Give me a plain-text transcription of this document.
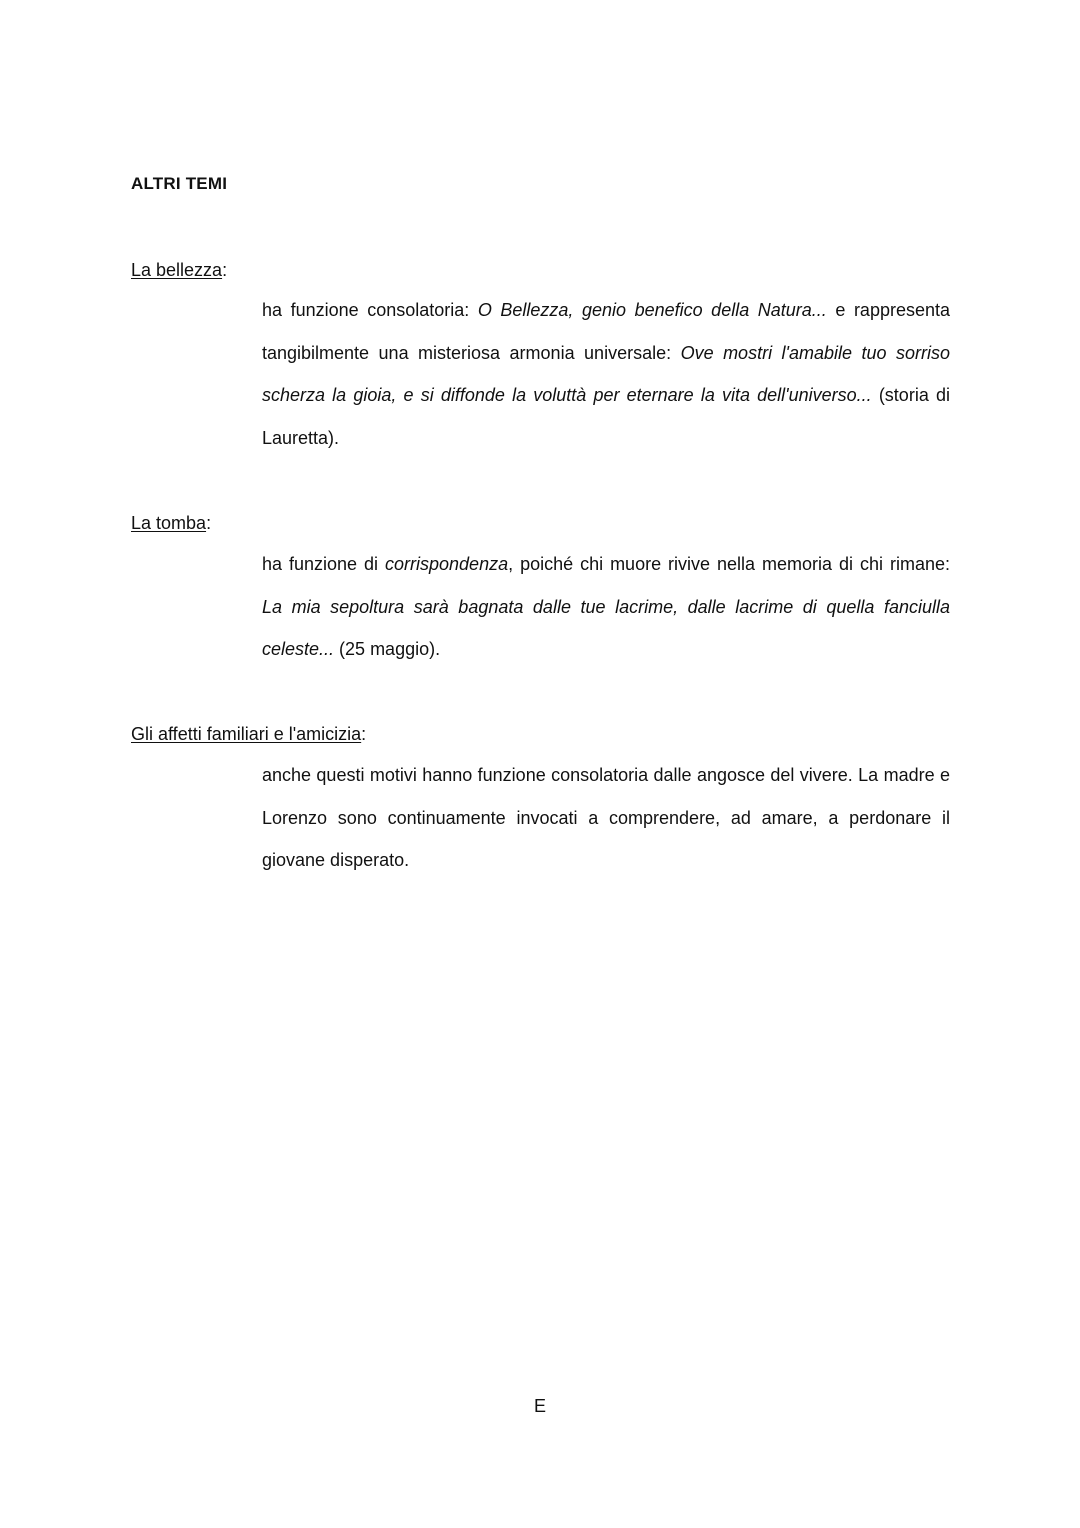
ALTRI TEMI
La bellezza:
ha funzione consolatoria: O Bellezza, genio benefico della Natura... e rappresenta tangibilmente una misteriosa armonia universale: Ove mostri l'amabile tuo sorriso scherza la gioia, e si diffonde la voluttà per eternare la vita dell'universo... (storia di Lauretta).
La tomba:
ha funzione di corrispondenza, poiché chi muore rivive nella memoria di chi rimane: La mia sepoltura sarà bagnata dalle tue lacrime, dalle lacrime di quella fanciulla celeste... (25 maggio).
Gli affetti familiari e l'amicizia:
anche questi motivi hanno funzione consolatoria dalle angosce del vivere. La madre e Lorenzo sono continuamente invocati a comprendere, ad amare, a perdonare il giovane disperato.
E
